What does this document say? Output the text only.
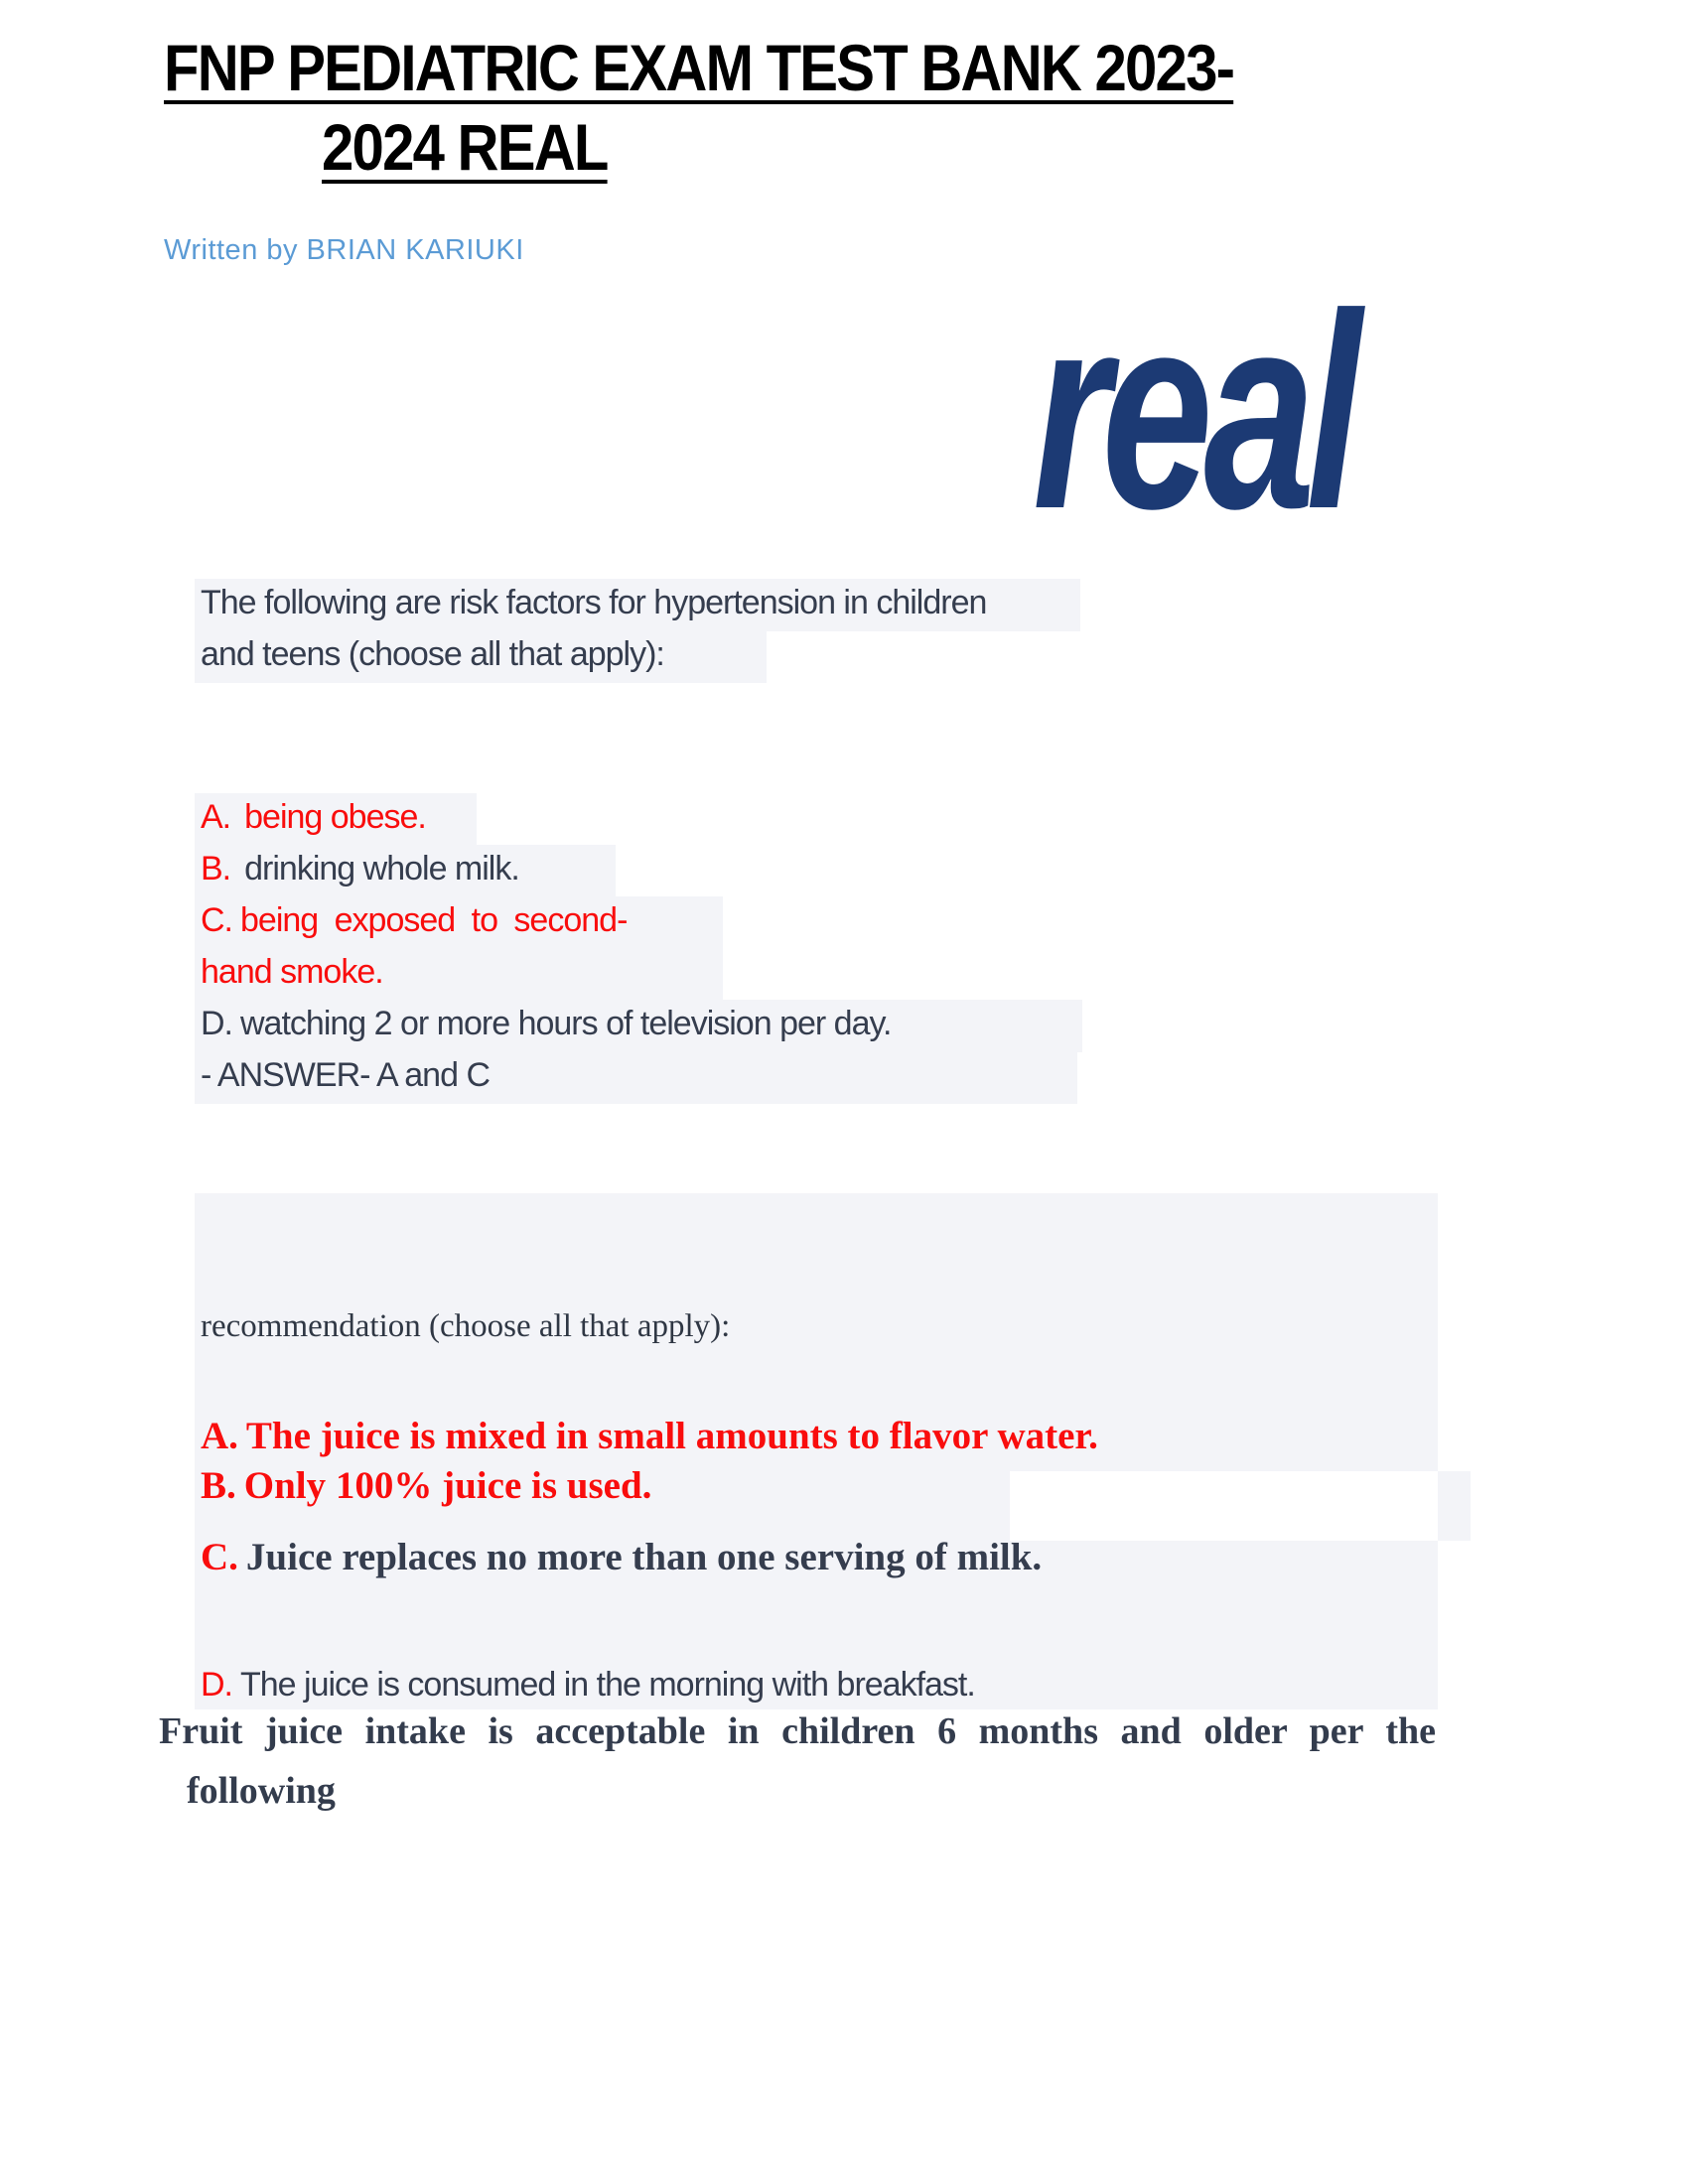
FNP PEDIATRIC EXAM TEST BANK 2023-
2024 REAL
Written by BRIAN KARIUKI
real
The following are risk factors for hypertension in children
and teens (choose all that apply):
A. being obese.
B. drinking whole milk.
C. being exposed to second-
hand smoke.
D. watching 2 or more hours of television per day.
- ANSWER- A and C
recommendation (choose all that apply):
A. The juice is mixed in small amounts to flavor water.
B. Only 100% juice is used.
C. Juice replaces no more than one serving of milk.
D. The juice is consumed in the morning with breakfast.
Fruit juice intake is acceptable in children 6 months and older per the
following
